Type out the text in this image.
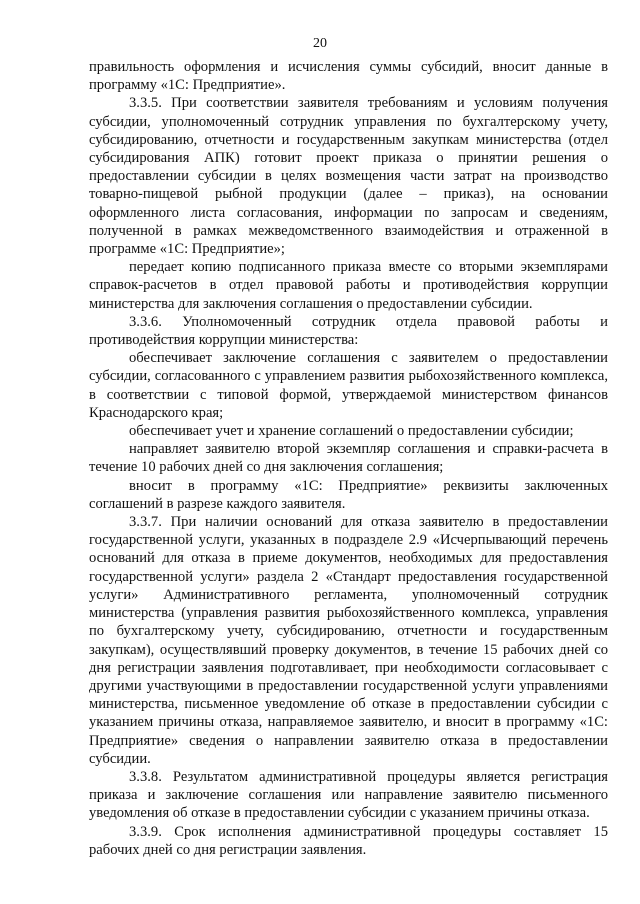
20

правильность оформления и исчисления суммы субсидий, вносит данные в программу «1С: Предприятие».

3.3.5. При соответствии заявителя требованиям и условиям получения субсидии, уполномоченный сотрудник управления по бухгалтерскому учету, субсидированию, отчетности и государственным закупкам министерства (отдел субсидирования АПК) готовит проект приказа о принятии решения о предоставлении субсидии в целях возмещения части затрат на производство товарно-пищевой рыбной продукции (далее – приказ), на основании оформленного листа согласования, информации по запросам и сведениям, полученной в рамках межведомственного взаимодействия и отраженной в программе «1С: Предприятие»;

передает копию подписанного приказа вместе со вторыми экземплярами справок-расчетов в отдел правовой работы и противодействия коррупции министерства для заключения соглашения о предоставлении субсидии.

3.3.6. Уполномоченный сотрудник отдела правовой работы и противодействия коррупции министерства:

обеспечивает заключение соглашения с заявителем о предоставлении субсидии, согласованного с управлением развития рыбохозяйственного комплекса, в соответствии с типовой формой, утверждаемой министерством финансов Краснодарского края;

обеспечивает учет и хранение соглашений о предоставлении субсидии;

направляет заявителю второй экземпляр соглашения и справки-расчета в течение 10 рабочих дней со дня заключения соглашения;

вносит в программу «1С: Предприятие» реквизиты заключенных соглашений в разрезе каждого заявителя.

3.3.7. При наличии оснований для отказа заявителю в предоставлении государственной услуги, указанных в подразделе 2.9 «Исчерпывающий перечень оснований для отказа в приеме документов, необходимых для предоставления государственной услуги» раздела 2 «Стандарт предоставления государственной услуги» Административного регламента, уполномоченный сотрудник министерства (управления развития рыбохозяйственного комплекса, управления по бухгалтерскому учету, субсидированию, отчетности и государственным закупкам), осуществлявший проверку документов, в течение 15 рабочих дней со дня регистрации заявления подготавливает, при необходимости согласовывает с другими участвующими в предоставлении государственной услуги управлениями министерства, письменное уведомление об отказе в предоставлении субсидии с указанием причины отказа, направляемое заявителю, и вносит в программу «1С: Предприятие» сведения о направлении заявителю отказа в предоставлении субсидии.

3.3.8. Результатом административной процедуры является регистрация приказа и заключение соглашения или направление заявителю письменного уведомления об отказе в предоставлении субсидии с указанием причины отказа.

3.3.9. Срок исполнения административной процедуры составляет 15 рабочих дней со дня регистрации заявления.
